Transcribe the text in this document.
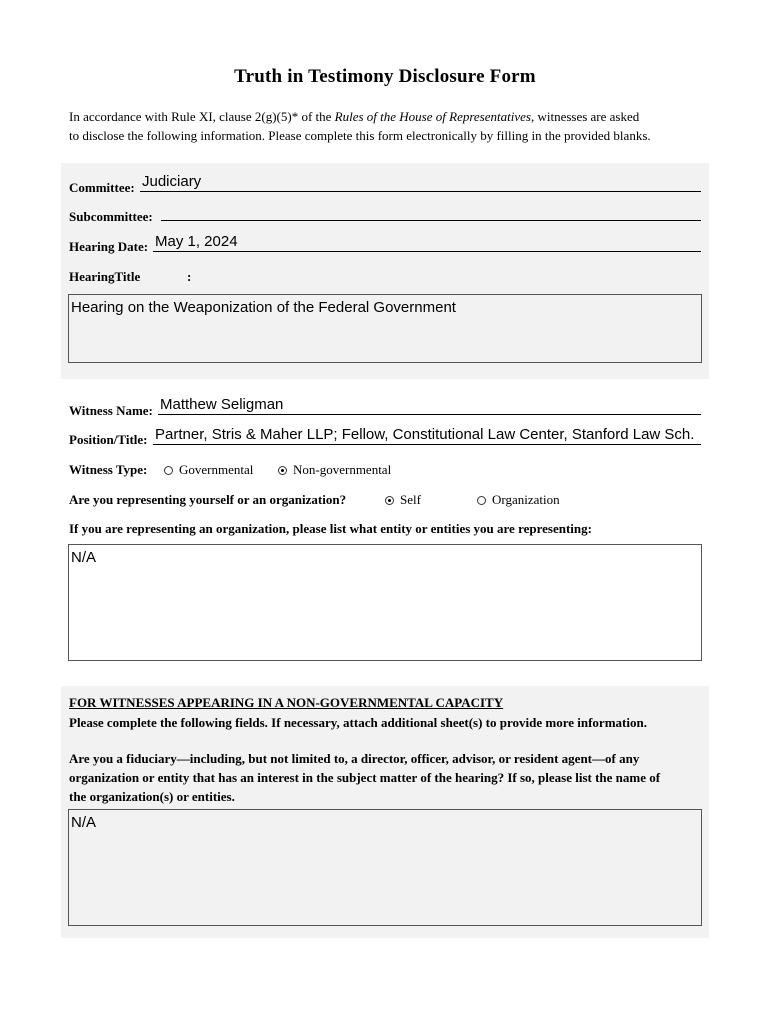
Truth in Testimony Disclosure Form

In accordance with Rule XI, clause 2(g)(5)* of the Rules of the House of Representatives, witnesses are asked

to disclose the following information. Please complete this form electronically by filling in the provided blanks.

Committee: Judiciary
Subcommittee:
Hearing Date: May 1, 2024
HearingTitle	:
Hearing on the Weaponization of the Federal Government
Witness Name: Matthew Seligman
Position/Title: Partner, Stris & Maher LLP; Fellow, Constitutional Law Center, Stanford Law Sch.
Witness Type:	Governmental	Non-governmental
Are you representing yourself or an organization?	Self	Organization
If you are representing an organization, please list what entity or entities you are representing:
N/A
FOR WITNESSES APPEARING IN A NON-GOVERNMENTAL CAPACITY

Please complete the following fields. If necessary, attach additional sheet(s) to provide more information.

Are you a fiduciary—including, but not limited to, a director, officer, advisor, or resident agent—of any

organization or entity that has an interest in the subject matter of the hearing? If so, please list the name of

the organization(s) or entities.

N/A
